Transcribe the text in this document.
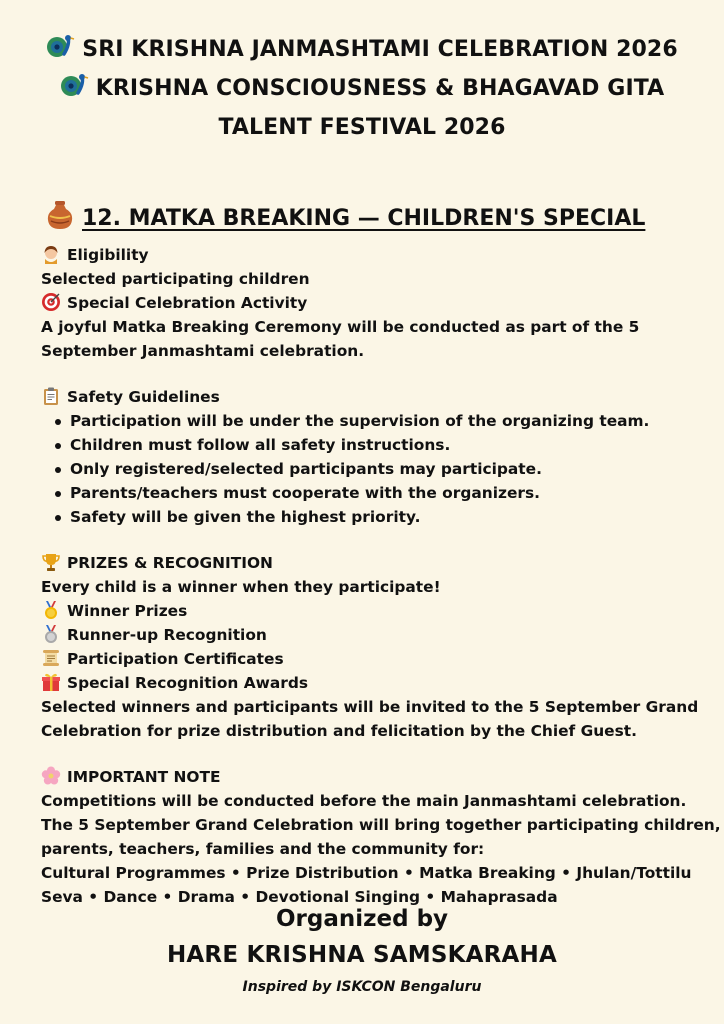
SRI KRISHNA JANMASHTAMI CELEBRATION 2026
KRISHNA CONSCIOUSNESS & BHAGAVAD GITA
TALENT FESTIVAL 2026
12. MATKA BREAKING — CHILDREN'S SPECIAL
Eligibility
Selected participating children
Special Celebration Activity
A joyful Matka Breaking Ceremony will be conducted as part of the 5
September Janmashtami celebration.
Safety Guidelines
Participation will be under the supervision of the organizing team.
Children must follow all safety instructions.
Only registered/selected participants may participate.
Parents/teachers must cooperate with the organizers.
Safety will be given the highest priority.
PRIZES & RECOGNITION
Every child is a winner when they participate!
Winner Prizes
Runner-up Recognition
Participation Certificates
Special Recognition Awards
Selected winners and participants will be invited to the 5 September Grand
Celebration for prize distribution and felicitation by the Chief Guest.
IMPORTANT NOTE
Competitions will be conducted before the main Janmashtami celebration.
The 5 September Grand Celebration will bring together participating children,
parents, teachers, families and the community for:
Cultural Programmes • Prize Distribution • Matka Breaking • Jhulan/Tottilu
Seva • Dance • Drama • Devotional Singing • Mahaprasada
Organized by
HARE KRISHNA SAMSKARAHA
Inspired by ISKCON Bengaluru
